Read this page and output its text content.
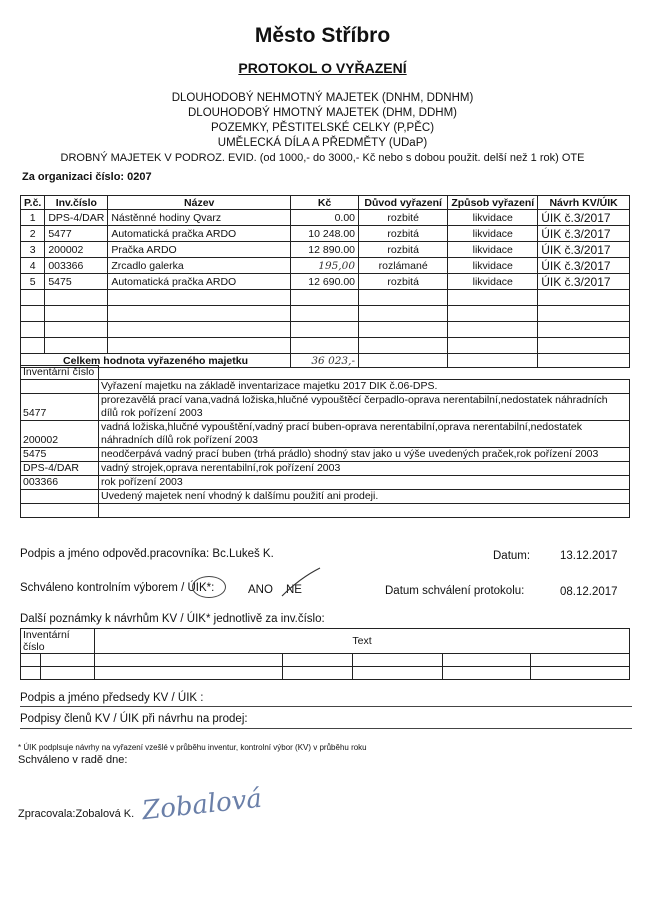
Město Stříbro
PROTOKOL O VYŘAZENÍ
DLOUHODOBÝ NEHMOTNÝ MAJETEK (DNHM, DDNHM)
DLOUHODOBÝ HMOTNÝ MAJETEK (DHM, DDHM)
POZEMKY, PĚSTITELSKÉ CELKY (P,PĚC)
UMĚLECKÁ DÍLA A PŘEDMĚTY (UDaP)
DROBNÝ MAJETEK V PODROZ. EVID. (od 1000,- do 3000,- Kč nebo s dobou použit. delší než 1 rok) OTE
Za organizaci číslo: 0207
P.č.	Inv.číslo	Název	Kč	Důvod vyřazení	Způsob vyřazení	Návrh KV/ÚIK
1	DPS-4/DAR	Nástěnné hodiny Qvarz	0.00	rozbité	likvidace	ÚIK č.3/2017
2	5477	Automatická pračka ARDO	10 248.00	rozbitá	likvidace	ÚIK č.3/2017
3	200002	Pračka ARDO	12 890.00	rozbitá	likvidace	ÚIK č.3/2017
4	003366	Zrcadlo galerka	195,00	rozlámané	likvidace	ÚIK č.3/2017
5	5475	Automatická pračka ARDO	12 690.00	rozbitá	likvidace	ÚIK č.3/2017

Celkem hodnota vyřazeného majetku			36 023,-			
Inventární číslo	
	Vyřazení majetku na základě inventarizace majetku 2017 DIK č.06-DPS.
5477	prorezavělá prací vana,vadná ložiska,hlučné vypouštěcí čerpadlo-oprava nerentabilní,nedostatek náhradních dílů rok pořízení 2003
200002	vadná ložiska,hlučné vypouštění,vadný prací buben-oprava nerentabilní,oprava nerentabilní,nedostatek náhradních dílů rok pořízení 2003
5475	neodčerpává vadný prací buben (trhá prádlo) shodný stav jako u výše uvedených praček,rok pořízení 2003
DPS-4/DAR	vadný strojek,oprava nerentabilní,rok pořízení 2003
003366	rok pořízení 2003
	Uvedený majetek není vhodný k dalšímu použití ani prodeji.

Podpis a jméno odpověd.pracovníka: Bc.Lukeš K.	Datum:	13.12.2017
Schváleno kontrolním výborem / ÚIK*:	ANO NE	Datum schválení protokolu:	08.12.2017
Další poznámky k návrhům KV / ÚIK* jednotlivě za inv.číslo:
Inventární číslo		Text				

Podpis a jméno předsedy KV / ÚIK :
Podpisy členů KV / ÚIK při návrhu na prodej:
* ÚIK podplsuje návrhy na vyřazení vzešlé v průběhu inventur, kontrolní výbor (KV) v průběhu roku
Schváleno v radě dne:
Zpracovala:Zobalová K. Zobalová
